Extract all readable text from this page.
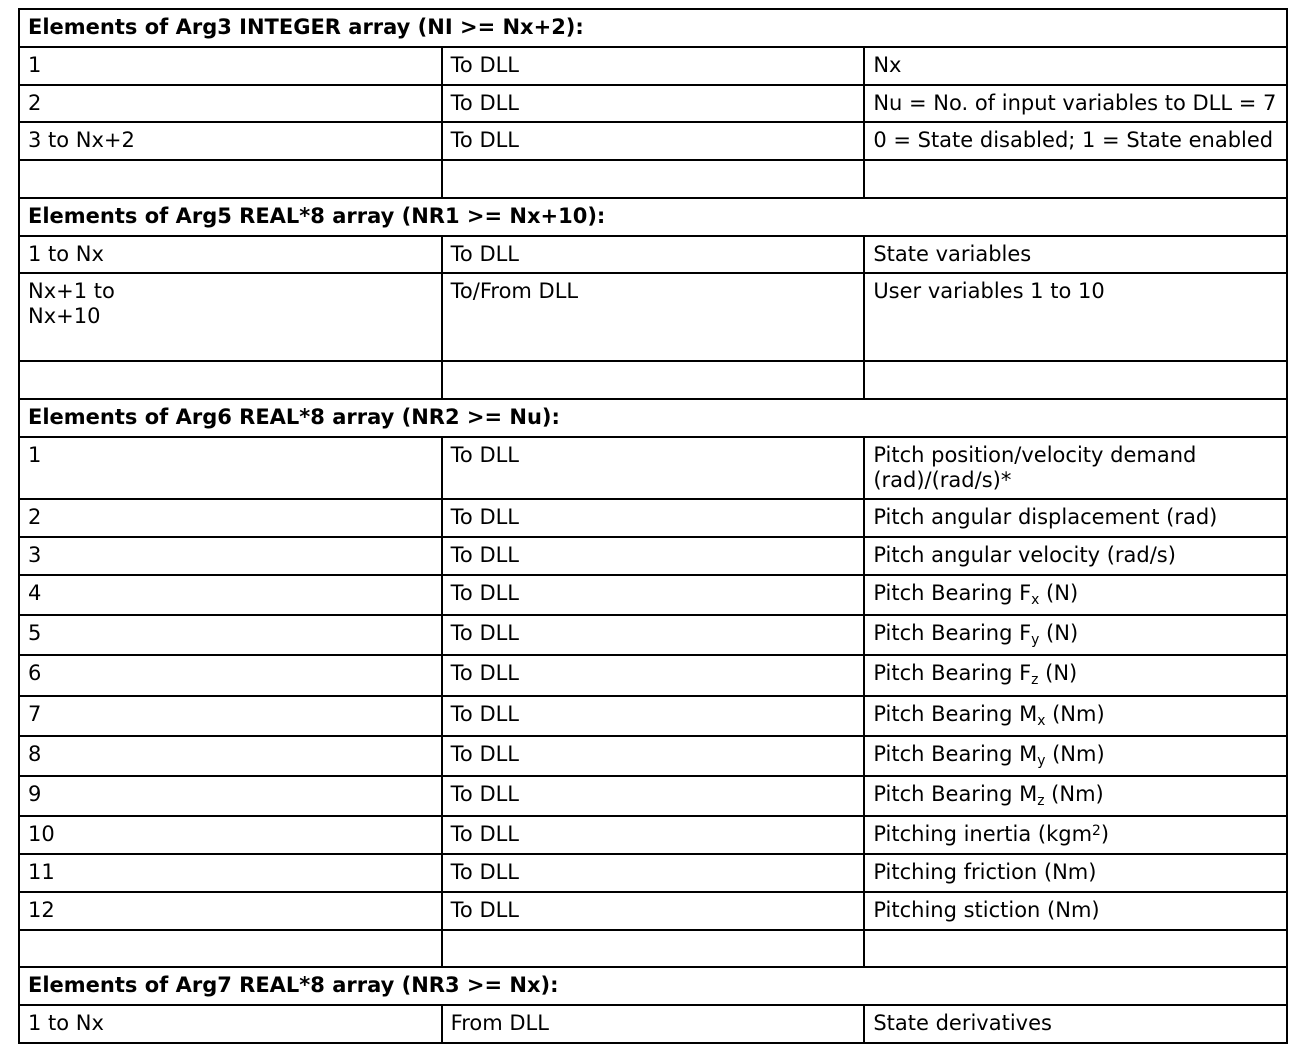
Elements of Arg3 INTEGER array (NI >= Nx+2):		
1	To DLL	Nx
2	To DLL	Nu = No. of input variables to DLL = 7
3 to Nx+2	To DLL	0 = State disabled; 1 = State enabled

Elements of Arg5 REAL*8 array (NR1 >= Nx+10):		
1 to Nx	To DLL	State variables
Nx+1 to
Nx+10	To/From DLL	User variables 1 to 10

Elements of Arg6 REAL*8 array (NR2 >= Nu):		
1	To DLL	Pitch position/velocity demand (rad)/(rad/s)*
2	To DLL	Pitch angular displacement (rad)
3	To DLL	Pitch angular velocity (rad/s)
4	To DLL	Pitch Bearing $F_x$ (N)
5	To DLL	Pitch Bearing $F_y$ (N)
6	To DLL	Pitch Bearing $F_z$ (N)
7	To DLL	Pitch Bearing $M_x$ (Nm)
8	To DLL	Pitch Bearing $M_y$ (Nm)
9	To DLL	Pitch Bearing $M_z$ (Nm)
10	To DLL	Pitching inertia (kgm$^2$)
11	To DLL	Pitching friction (Nm)
12	To DLL	Pitching stiction (Nm)

Elements of Arg7 REAL*8 array (NR3 >= Nx):		
1 to Nx	From DLL	State derivatives
